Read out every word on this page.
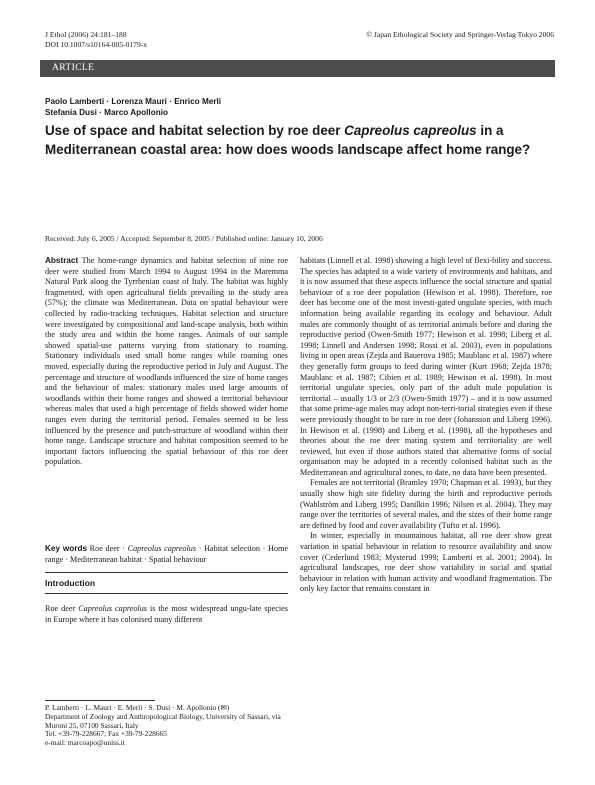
J Ethol (2006) 24:181–188
DOI 10.1007/s10164-005-0179-x
© Japan Ethological Society and Springer-Verlag Tokyo 2006
ARTICLE
Paolo Lamberti · Lorenza Mauri · Enrico Merli
Stefania Dusi · Marco Apollonio
Use of space and habitat selection by roe deer Capreolus capreolus in a Mediterranean coastal area: how does woods landscape affect home range?
Received: July 6, 2005 / Accepted: September 8, 2005 / Published online: January 10, 2006

Abstract The home-range dynamics and habitat selection of nine roe deer were studied from March 1994 to August 1994 in the Maremma Natural Park along the Tyrrhenian coast of Italy. The habitat was highly fragmented, with open agricultural fields prevailing in the study area (57%); the climate was Mediterranean. Data on spatial behaviour were collected by radio-tracking techniques. Habitat selection and structure were investigated by compositional and land-scape analysis, both within the study area and within the home ranges. Animals of our sample showed spatial-use patterns varying from stationary to roaming. Stationary individuals used small home ranges while roaming ones moved, especially during the reproductive period in July and August. The percentage and structure of woodlands influenced the size of home ranges and the behaviour of males: stationary males used large amounts of woodlands within their home ranges and showed a territorial behaviour whereas males that used a high percentage of fields showed wider home ranges even during the territorial period. Females seemed to be less influenced by the presence and patch-structure of woodland within their home range. Landscape structure and habitat composition seemed to be important factors influencing the spatial behaviour of this roe deer population.

Key words Roe deer · Capreolus capreolus · Habitat selection · Home range · Mediterranean habitat · Spatial behaviour

Introduction

Roe deer Capreolus capreolus is the most widespread ungu-late species in Europe where it has colonised many different

P. Lamberti · L. Mauri · E. Merli · S. Dusi · M. Apollonio (✉)
Department of Zoology and Anthropological Biology, University of Sassari, via Muroni 25, 07100 Sassari, Italy
Tel. +39-79-228667; Fax +39-79-228665
e-mail: marcoapo@uniss.it

habitats (Linnell et al. 1998) showing a high level of flexi-bility and success. The species has adapted to a wide variety of environments and habitats, and it is now assumed that these aspects influence the social structure and spatial behaviour of a roe deer population (Hewison et al. 1998). Therefore, roe deer has become one of the most investi-gated ungulate species, with much information being available regarding its ecology and behaviour. Adult males are commonly thought of as territorial animals before and during the reproductive period (Owen-Smith 1977; Hewison et al. 1998; Liberg et al. 1998; Linnell and Andersen 1998; Rossi et al. 2003), even in populations living in open areas (Zejda and Bauerova 1985; Maublanc et al. 1987) where they generally form groups to feed during winter (Kurt 1968; Zejda 1978; Maublanc et al. 1987; Cibien et al. 1989; Hewison et al. 1998). In most territorial ungulate species, only part of the adult male population is territorial – usually 1/3 or 2/3 (Owen-Smith 1977) – and it is now assumed that some prime-age males may adopt non-terri-torial strategies even if these were previously thought to be rare in roe deer (Johansson and Liberg 1996). In Hewison et al. (1998) and Liberg et al. (1998), all the hypotheses and theories about the roe deer mating system and territoriality are well reviewed, but even if those authors stated that alternative forms of social organisation may be adopted in a recently colonised habitat such as the Mediterranean and agricultural zones, to date, no data have been presented.

Females are not territorial (Bramley 1970; Chapman et al. 1993), but they usually show high site fidelity during the birth and reproductive periods (Wahlström and Liberg 1995; Danilkin 1996; Nilsen et al. 2004). They may range over the territories of several males, and the sizes of their home range are defined by food and cover availability (Tufto et al. 1996).

In winter, especially in mountainous habitat, all roe deer show great variation in spatial behaviour in relation to resource availability and snow cover (Cederlund 1983; Mysterud 1999; Lamberti et al. 2001; 2004). In agricultural landscapes, roe deer show variability in social and spatial behaviour in relation with human activity and woodland fragmentation. The only key factor that remains constant in
